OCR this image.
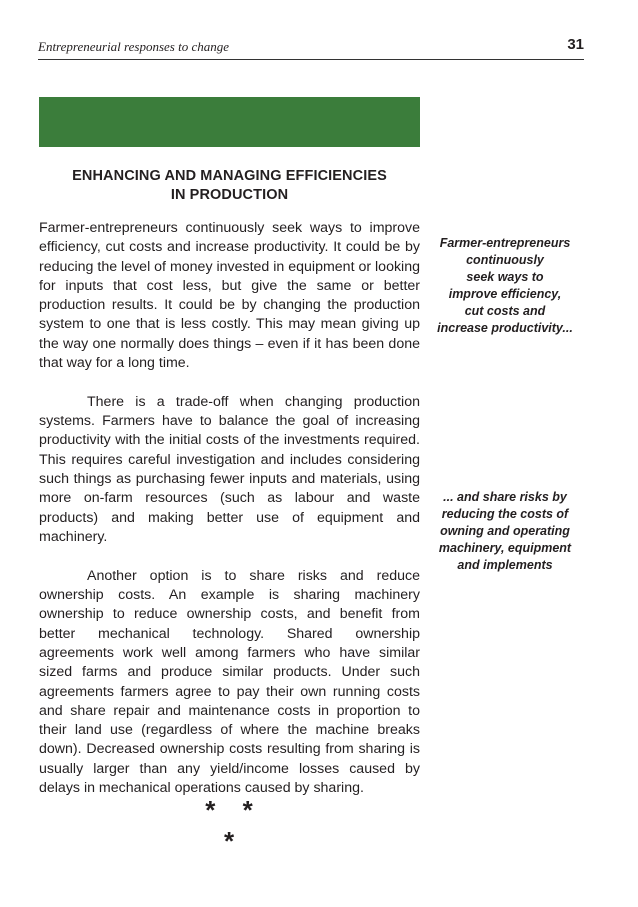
Entrepreneurial responses to change	31
ENHANCING AND MANAGING EFFICIENCIES
IN PRODUCTION

Farmer-entrepreneurs continuously seek ways to improve efficiency, cut costs and increase productivity. It could be by reducing the level of money invested in equipment or looking for inputs that cost less, but give the same or better production results. It could be by changing the production system to one that is less costly. This may mean giving up the way one normally does things – even if it has been done that way for a long time.

There is a trade-off when changing production systems. Farmers have to balance the goal of increasing productivity with the initial costs of the investments required. This requires careful investigation and includes considering such things as purchasing fewer inputs and materials, using more on-farm resources (such as labour and waste products) and making better use of equipment and machinery.

Another option is to share risks and reduce ownership costs. An example is sharing machinery ownership to reduce ownership costs, and benefit from better mechanical technology. Shared ownership agreements work well among farmers who have similar sized farms and produce similar products. Under such agreements farmers agree to pay their own running costs and share repair and maintenance costs in proportion to their land use (regardless of where the machine breaks down). Decreased ownership costs resulting from sharing is usually larger than any yield/income losses caused by delays in mechanical operations caused by sharing.

Farmer-entrepreneurs
continuously
seek ways to
improve efficiency,
cut costs and
increase productivity...
... and share risks by
reducing the costs of
owning and operating
machinery, equipment
and implements
* * *
